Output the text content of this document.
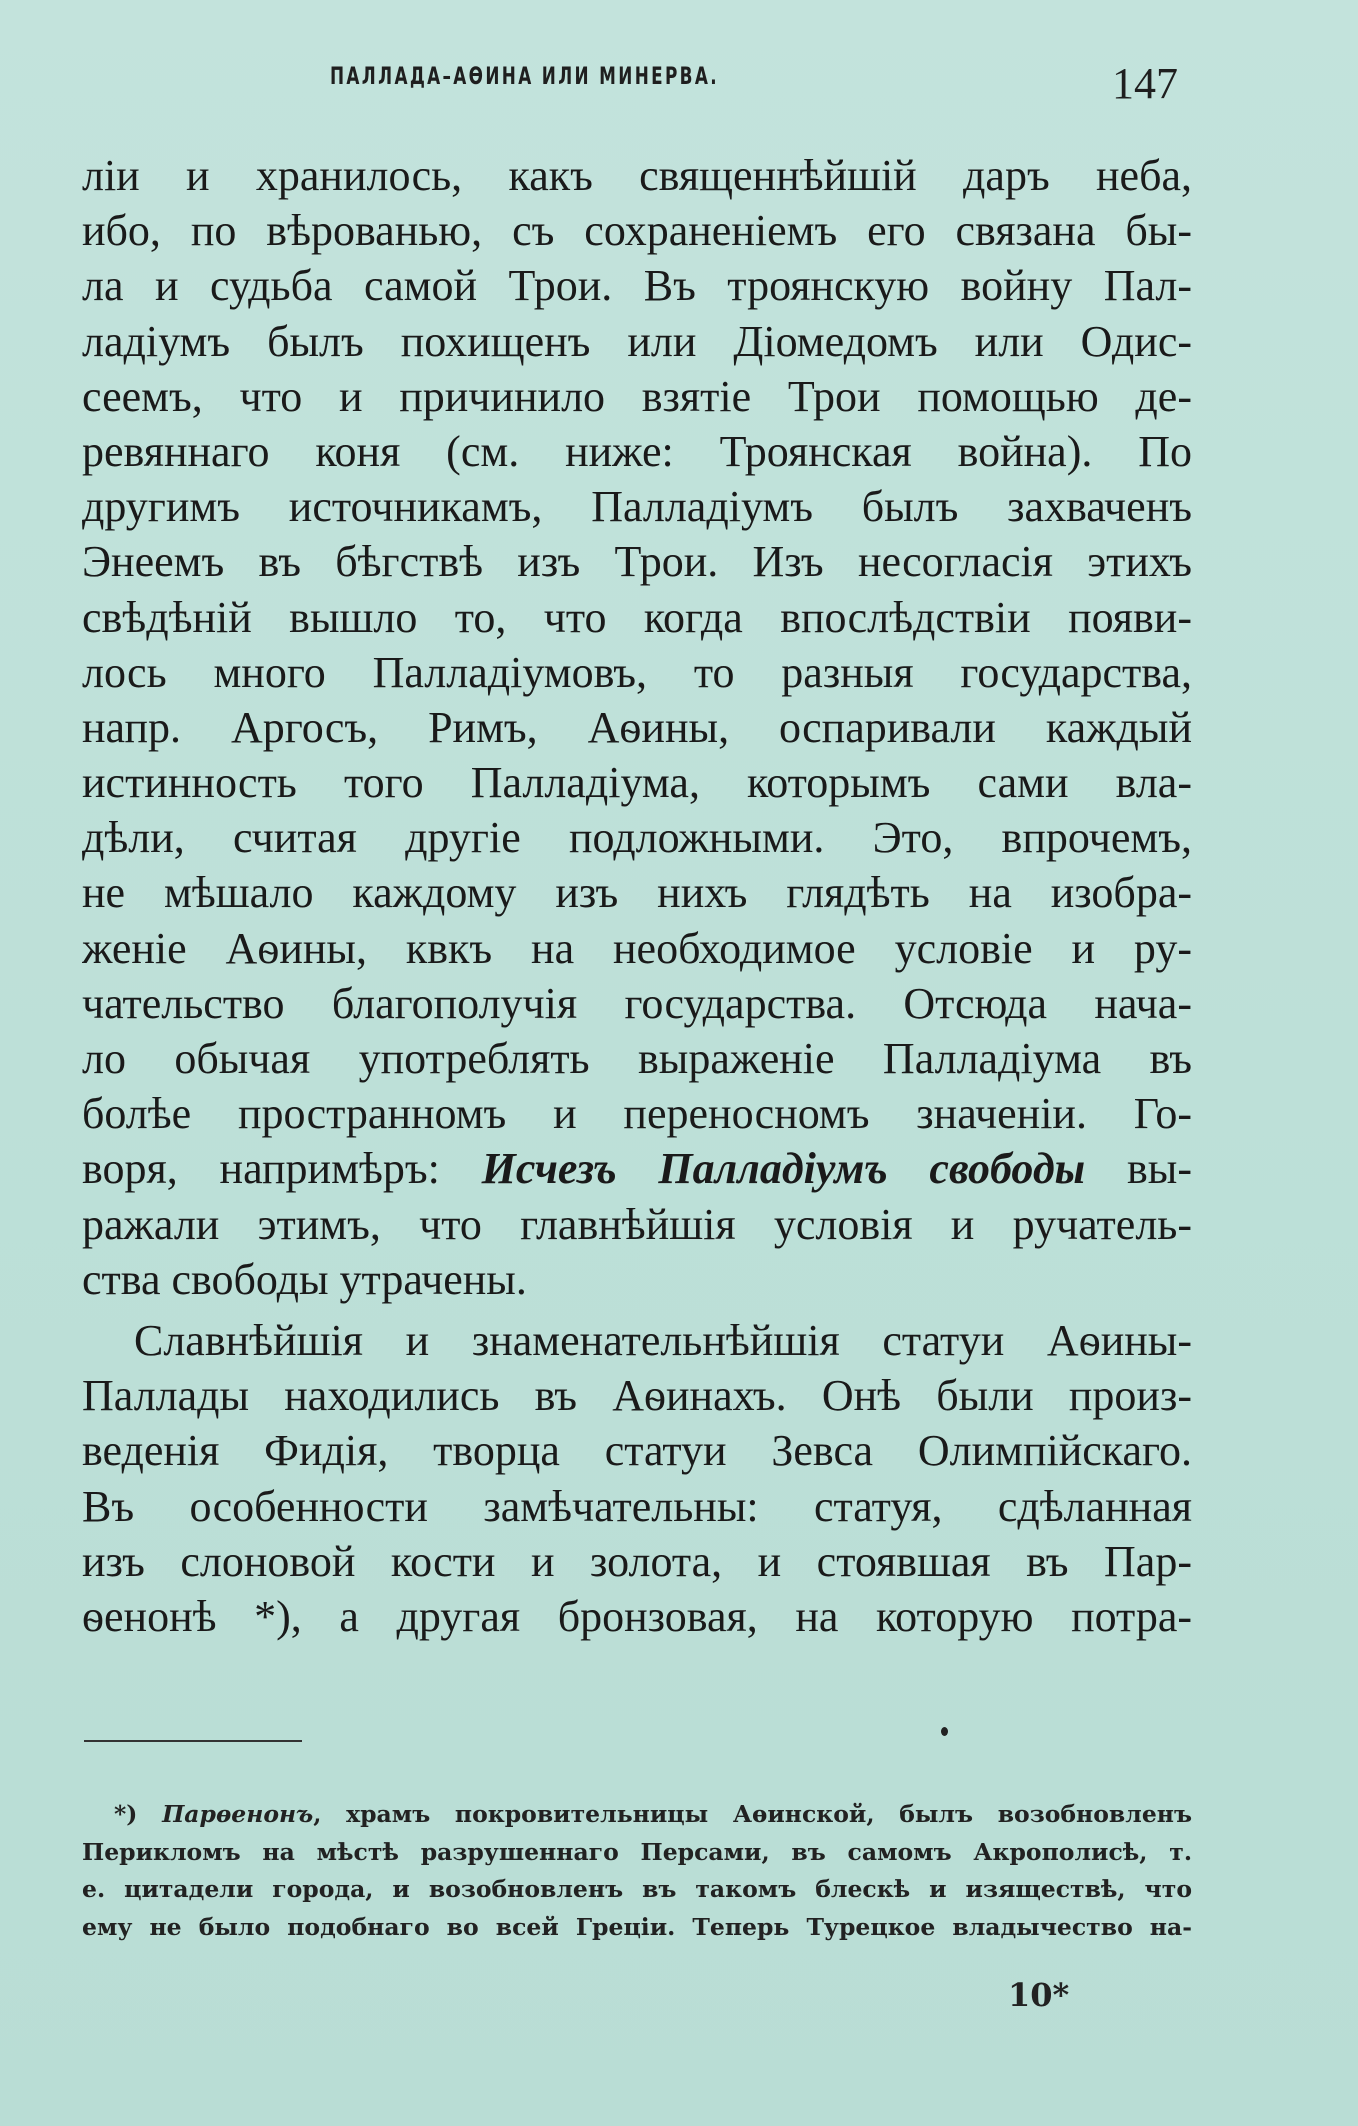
ПАЛЛАДА–АѲИНА ИЛИ МИНЕРВА.	147
ліи и хранилось, какъ священнѣйшій даръ неба,
ибо, по вѣрованью, съ сохраненіемъ его связана бы-
ла и судьба самой Трои. Въ троянскую войну Пал-
ладіумъ былъ похищенъ или Діомедомъ или Одис-
сеемъ, что и причинило взятіе Трои помощью де-
ревяннаго коня (см. ниже: Троянская война). По
другимъ источникамъ, Палладіумъ былъ захваченъ
Энеемъ въ бѣгствѣ изъ Трои. Изъ несогласія этихъ
свѣдѣній вышло то, что когда впослѣдствіи появи-
лось много Палладіумовъ, то разныя государства,
напр. Аргосъ, Римъ, Аѳины, оспаривали каждый
истинность того Палладіума, которымъ сами вла-
дѣли, считая другіе подложными. Это, впрочемъ,
не мѣшало каждому изъ нихъ глядѣть на изобра-
женіе Аѳины, квкъ на необходимое условіе и ру-
чательство благополучія государства. Отсюда нача-
ло обычая употреблять выраженіе Палладіума въ
болѣе пространномъ и переносномъ значеніи. Го-
воря, напримѣръ: Исчезъ Палладіумъ свободы вы-
ражали этимъ, что главнѣйшія условія и ручатель-
ства свободы утрачены.
Славнѣйшія и знаменательнѣйшія статуи Аѳины-
Паллады находились въ Аѳинахъ. Онѣ были произ-
веденія Фидія, творца статуи Зевса Олимпійскаго.
Въ особенности замѣчательны: статуя, сдѣланная
изъ слоновой кости и золота, и стоявшая въ Пар-
ѳенонѣ *), а другая бронзовая, на которую потра-
*) Парѳенонъ, храмъ покровительницы Аѳинской, былъ возобновленъ
Перикломъ на мѣстѣ разрушеннаго Персами, въ самомъ Акрополисѣ, т.
е. цитадели города, и возобновленъ въ такомъ блескѣ и изяществѣ, что
ему не было подобнаго во всей Греціи. Теперь Турецкое владычество на-
10*
